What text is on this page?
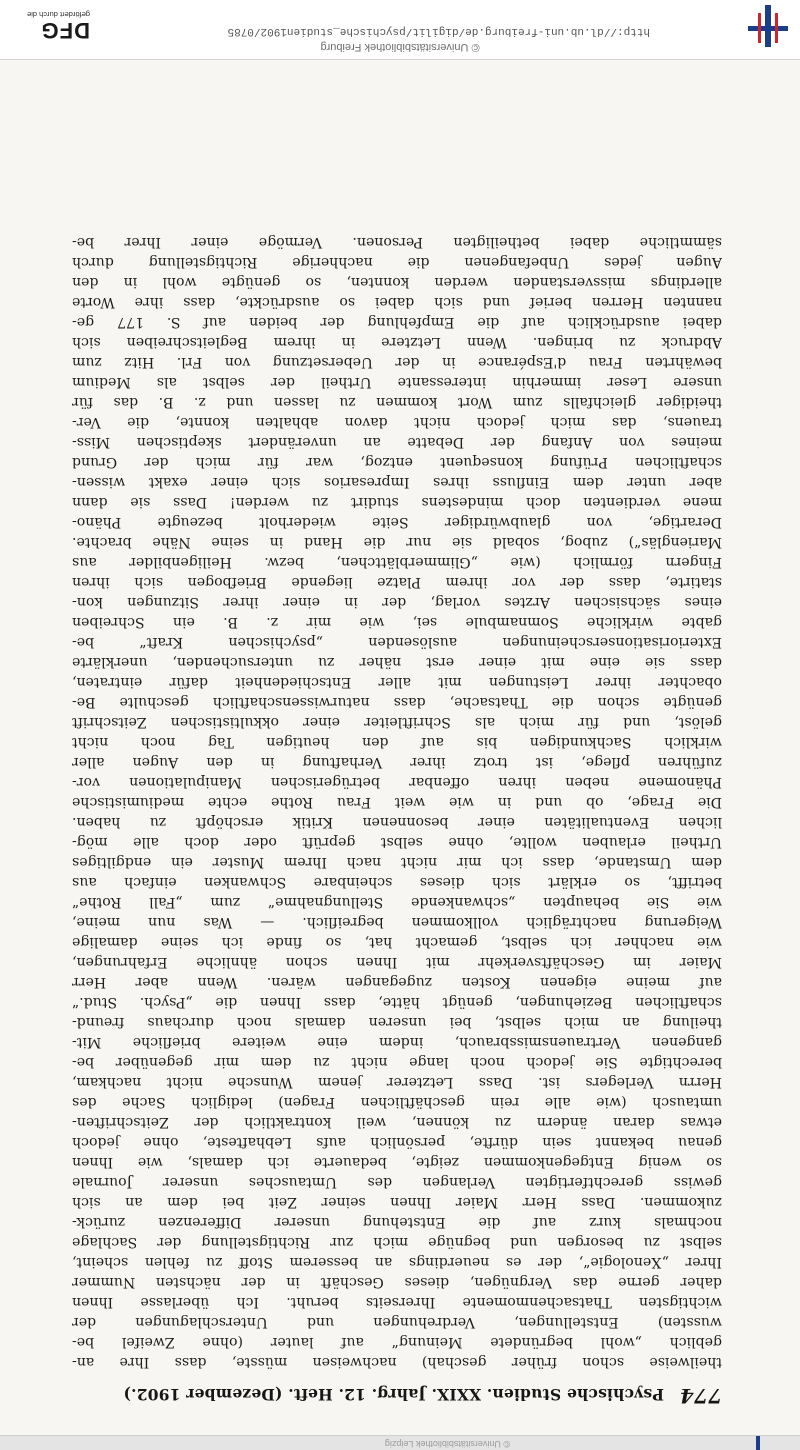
© Universitätsbibliothek Leipzig
774 Psychische Studien. XXIX. Jahrg. 12. Heft. (Dezember 1902.)
theilweise schon früher geschah) nachweisen müsste, dass Ihre an-
geblich „wohl begründete Meinung“ auf lauter (ohne Zweifel be-
wussten) Entstellungen, Verdrehungen und Unterschlagungen der
wichtigsten Thatsachenmomente Ihrerseits beruht. Ich überlasse Ihnen
daher gerne das Vergnügen, dieses Geschäft in der nächsten Nummer
Ihrer „Xenologie“, der es neuerdings an besserem Stoff zu fehlen scheint,
selbst zu besorgen und begnüge mich zur Richtigstellung der Sachlage
nochmals kurz auf die Entstehung unserer Differenzen zurück-
zukommen. Dass Herr Maier Ihnen seiner Zeit bei dem an sich
gewiss gerechtfertigten Verlangen des Umtausches unserer Journale
so wenig Entgegenkommen zeigte, bedauerte ich damals, wie Ihnen
genau bekannt sein dürfte, persönlich aufs Lebhafteste, ohne jedoch
etwas daran ändern zu können, weil kontraktlich der Zeitschriften-
umtausch (wie alle rein geschäftlichen Fragen) lediglich Sache des
Herrn Verlegers ist. Dass Letzterer jenem Wunsche nicht nachkam,
berechtigte Sie jedoch noch lange nicht zu dem mir gegenüber be-
gangenen Vertrauensmissbrauch, indem eine weitere briefliche Mit-
theilung an mich selbst, bei unseren damals noch durchaus freund-
schaftlichen Beziehungen, genügt hätte, dass Ihnen die „Psych. Stud.“
auf meine eigenen Kosten zugegangen wären. Wenn aber Herr
Maier im Geschäftsverkehr mit Ihnen schon ähnliche Erfahrungen,
wie nachher ich selbst, gemacht hat, so finde ich seine damalige
Weigerung nachträglich vollkommen begreiflich. — Was nun meine,
wie Sie behaupten „schwankende Stellungnahme“ zum „Fall Rothe“
betrifft, so erklärt sich dieses scheinbare Schwanken einfach aus
dem Umstande, dass ich mir nicht nach Ihrem Muster ein endgiltiges
Urtheil erlauben wollte, ohne selbst geprüft oder doch alle mög-
lichen Eventualitäten einer besonnenen Kritik erschöpft zu haben.
Die Frage, ob und in wie weit Frau Rothe echte mediumistische
Phänomene neben ihren offenbar betrügerischen Manipulationen vor-
zuführen pflege, ist trotz ihrer Verhaftung in den Augen aller
wirklich Sachkundigen bis auf den heutigen Tag noch nicht
gelöst, und für mich als Schriftleiter einer okkultistischen Zeitschrift
genügte schon die Thatsache, dass naturwissenschaftlich geschulte Be-
obachter ihrer Leistungen mit aller Entschiedenheit dafür eintraten,
dass sie eine mit einer erst näher zu untersuchenden, unerklärte
Exteriorisationserscheinungen auslösenden „psychischen Kraft“ be-
gabte wirkliche Somnambule sei, wie mir z. B. ein Schreiben
eines sächsischen Arztes vorlag, der in einer ihrer Sitzungen kon-
statirte, dass der vor ihrem Platze liegende Briefbogen sich ihren
Fingern förmlich (wie „Glimmerblättchen, bezw. Heiligenbilder aus
Mariengläs“) zubog, sobald sie nur die Hand in seine Nähe brachte.
Derartige, von glaubwürdiger Seite wiederholt bezeugte Phäno-
mene verdienten doch mindestens studirt zu werden! Dass sie dann
aber unter dem Einfluss ihres Impresarios sich einer exakt wissen-
schaftlichen Prüfung konsequent entzog, war für mich der Grund
meines von Anfang der Debatte an unverändert skeptischen Miss-
trauens, das mich jedoch nicht davon abhalten konnte, die Ver-
theidiger gleichfalls zum Wort kommen zu lassen und z. B. das für
unsere Leser immerhin interessante Urtheil der selbst als Medium
bewährten Frau d'Espérance in der Uebersetzung von Frl. Hitz zum
Abdruck zu bringen. Wenn Letztere in ihrem Begleitschreiben sich
dabei ausdrücklich auf die Empfehlung der beiden auf S. 177 ge-
nannten Herren berief und sich dabei so ausdrückte, dass ihre Worte
allerdings missverstanden werden konnten, so genügte wohl in den
Augen jedes Unbefangenen die nachherige Richtigstellung durch
sämmtliche dabei betheiligten Personen. Vermöge einer Ihrer be-
© Universitätsbibliothek Freiburg
http://dl.ub.uni-freiburg.de/digilit/psychische_studien1902/0785
DFG
gefördert durch die
